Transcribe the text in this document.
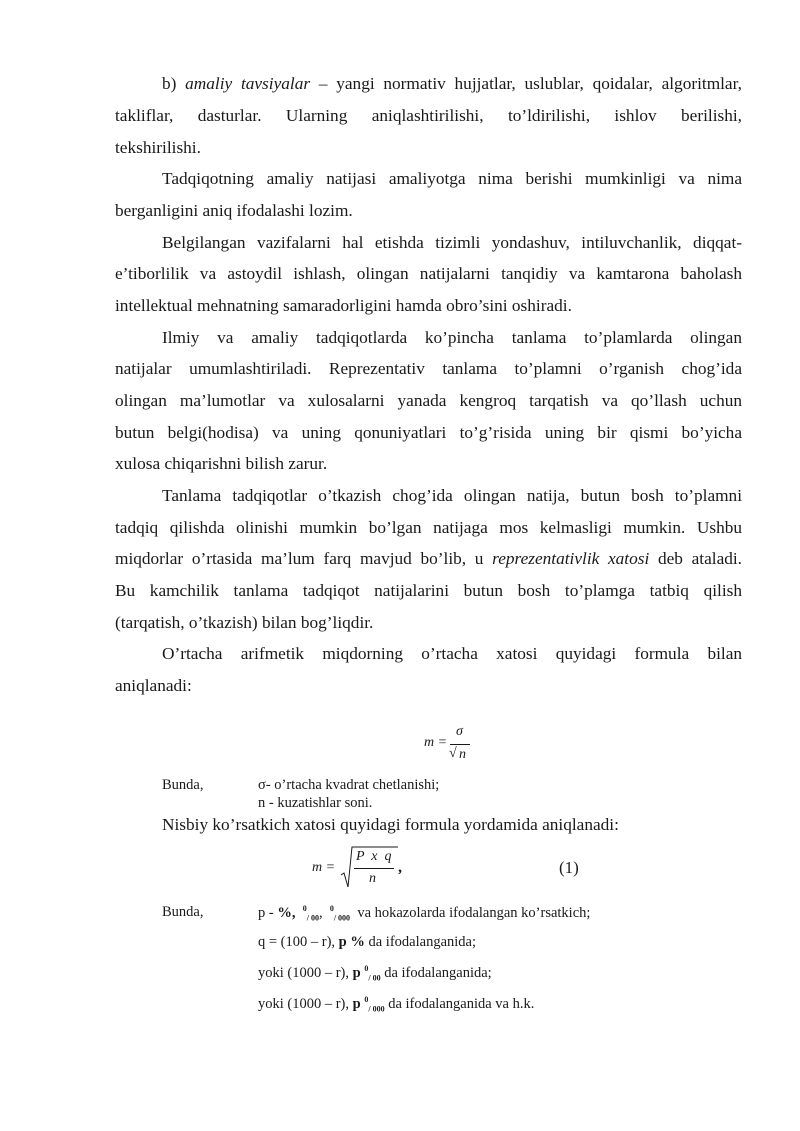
b) amaliy tavsiyalar – yangi normativ hujjatlar, uslublar, qoidalar, algoritmlar,
takliflar, dasturlar. Ularning aniqlashtirilishi, to’ldirilishi, ishlov berilishi,
tekshirilishi.
Tadqiqotning amaliy natijasi amaliyotga nima berishi mumkinligi va nima
berganligini aniq ifodalashi lozim.
Belgilangan vazifalarni hal etishda tizimli yondashuv, intiluvchanlik, diqqat-
e’tiborlilik va astoydil ishlash, olingan natijalarni tanqidiy va kamtarona baholash
intellektual mehnatning samaradorligini hamda obro’sini oshiradi.
Ilmiy va amaliy tadqiqotlarda ko’pincha tanlama to’plamlarda olingan
natijalar umumlashtiriladi. Reprezentativ tanlama to’plamni o’rganish chog’ida
olingan ma’lumotlar va xulosalarni yanada kengroq tarqatish va qo’llash uchun
butun belgi(hodisa) va uning qonuniyatlari to’g’risida uning bir qismi bo’yicha
xulosa chiqarishni bilish zarur.
Tanlama tadqiqotlar o’tkazish chog’ida olingan natija, butun bosh to’plamni
tadqiq qilishda olinishi mumkin bo’lgan natijaga mos kelmasligi mumkin. Ushbu
miqdorlar o’rtasida ma’lum farq mavjud bo’lib, u reprezentativlik xatosi deb ataladi.
Bu kamchilik tanlama tadqiqot natijalarini butun bosh to’plamga tatbiq qilish
(tarqatish, o’tkazish) bilan bog’liqdir.
O’rtacha arifmetik miqdorning o’rtacha xatosi quyidagi formula bilan
aniqlanadi:
m =
σ
√ n
Bunda,	σ- o’rtacha kvadrat chetlanishi;
n - kuzatishlar soni.
Nisbiy ko’rsatkich xatosi quyidagi formula yordamida aniqlanadi:
m =
P  x  q
n
,	(1)
Bunda,	p - %, $^0_{/ 00}$,  $^0_{/ 000}$ va hokazolarda ifodalangan ko’rsatkich;
q = (100 – r), p % da ifodalanganida;
yoki (1000 – r), p $^0_{/ 00}$ da ifodalanganida;
yoki (1000 – r), p $^0_{/ 000}$ da ifodalanganida va h.k.
